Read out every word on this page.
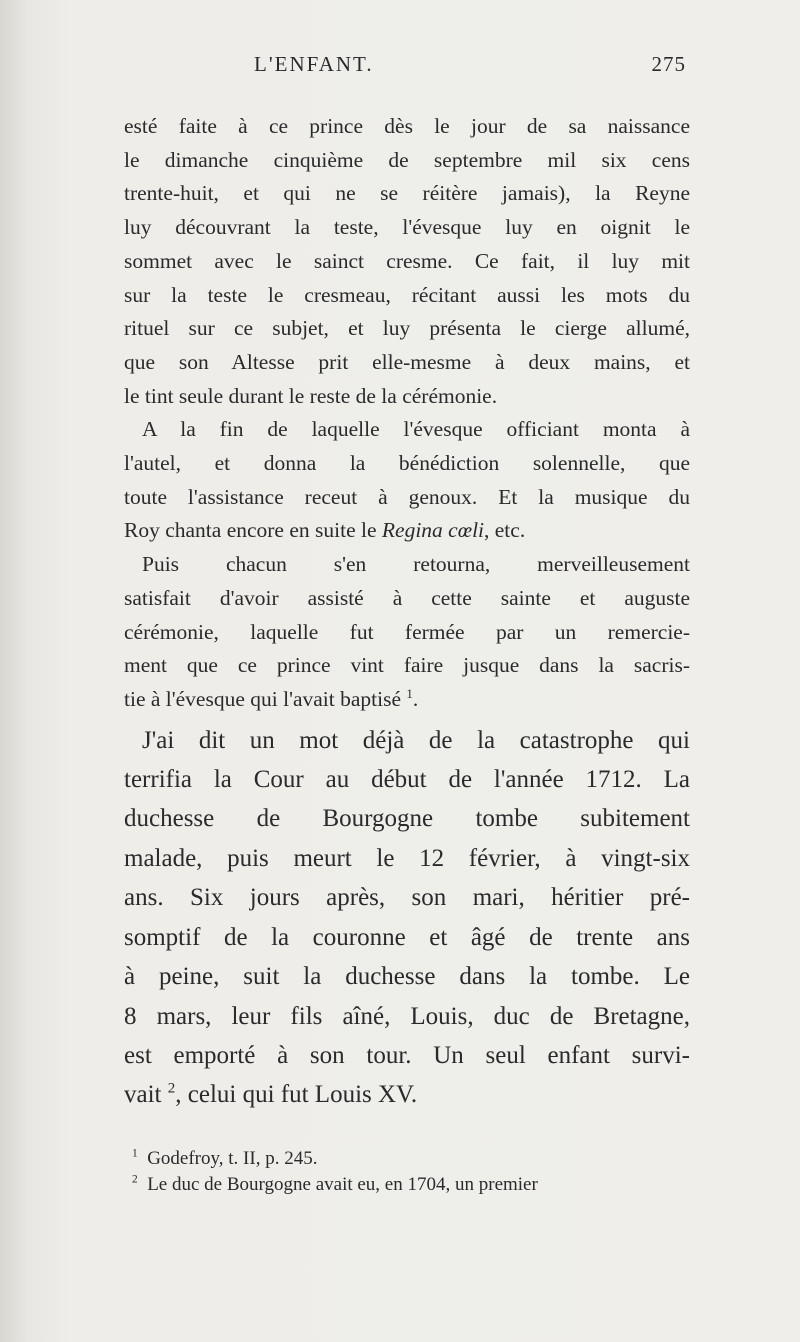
L'ENFANT.	275

esté faite à ce prince dès le jour de sa naissance
le dimanche cinquième de septembre mil six cens
trente-huit, et qui ne se réitère jamais), la Reyne
luy découvrant la teste, l'évesque luy en oignit le
sommet avec le sainct cresme. Ce fait, il luy mit
sur la teste le cresmeau, récitant aussi les mots du
rituel sur ce subjet, et luy présenta le cierge allumé,
que son Altesse prit elle-mesme à deux mains, et
le tint seule durant le reste de la cérémonie.

A la fin de laquelle l'évesque officiant monta à
l'autel, et donna la bénédiction solennelle, que
toute l'assistance receut à genoux. Et la musique du
Roy chanta encore en suite le Regina cœli, etc.

Puis chacun s'en retourna, merveilleusement
satisfait d'avoir assisté à cette sainte et auguste
cérémonie, laquelle fut fermée par un remercie-
ment que ce prince vint faire jusque dans la sacris-
tie à l'évesque qui l'avait baptisé $^1$.

J'ai dit un mot déjà de la catastrophe qui
terrifia la Cour au début de l'année 1712. La
duchesse de Bourgogne tombe subitement
malade, puis meurt le 12 février, à vingt-six
ans. Six jours après, son mari, héritier pré-
somptif de la couronne et âgé de trente ans
à peine, suit la duchesse dans la tombe. Le
8 mars, leur fils aîné, Louis, duc de Bretagne,
est emporté à son tour. Un seul enfant survi-
vait $^2$, celui qui fut Louis XV.

$^1$ Godefroy, t. II, p. 245.
$^2$ Le duc de Bourgogne avait eu, en 1704, un premier
